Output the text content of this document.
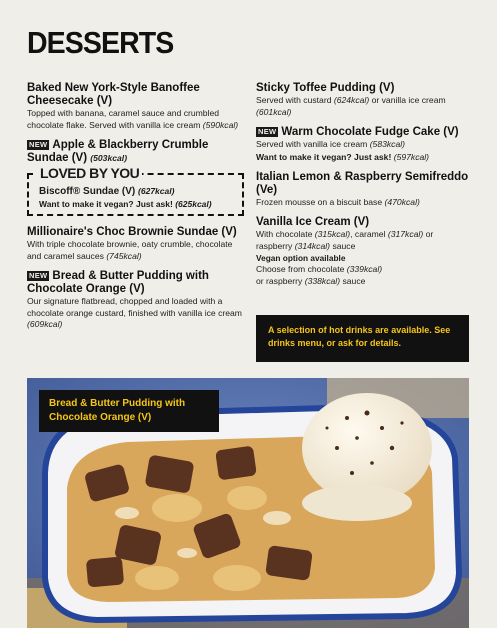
DESSERTS
Baked New York-Style Banoffee Cheesecake (V)
Topped with banana, caramel sauce and crumbled chocolate flake. Served with vanilla ice cream (590kcal)
NEW Apple & Blackberry Crumble Sundae (V) (503kcal)
LOVED BY YOU
Biscoff® Sundae (V) (627kcal)
Want to make it vegan? Just ask! (625kcal)
Millionaire's Choc Brownie Sundae (V)
With triple chocolate brownie, oaty crumble, chocolate and caramel sauces (745kcal)
NEW Bread & Butter Pudding with Chocolate Orange (V)
Our signature flatbread, chopped and loaded with a chocolate orange custard, finished with vanilla ice cream (609kcal)
Sticky Toffee Pudding (V)
Served with custard (624kcal) or vanilla ice cream (601kcal)
NEW Warm Chocolate Fudge Cake (V)
Served with vanilla ice cream (583kcal)
Want to make it vegan? Just ask! (597kcal)
Italian Lemon & Raspberry Semifreddo (Ve)
Frozen mousse on a biscuit base (470kcal)
Vanilla Ice Cream (V)
With chocolate (315kcal), caramel (317kcal) or raspberry (314kcal) sauce
Vegan option available
Choose from chocolate (339kcal)
or raspberry (338kcal) sauce
A selection of hot drinks are available. See drinks menu, or ask for details.
Bread & Butter Pudding with Chocolate Orange (V)
